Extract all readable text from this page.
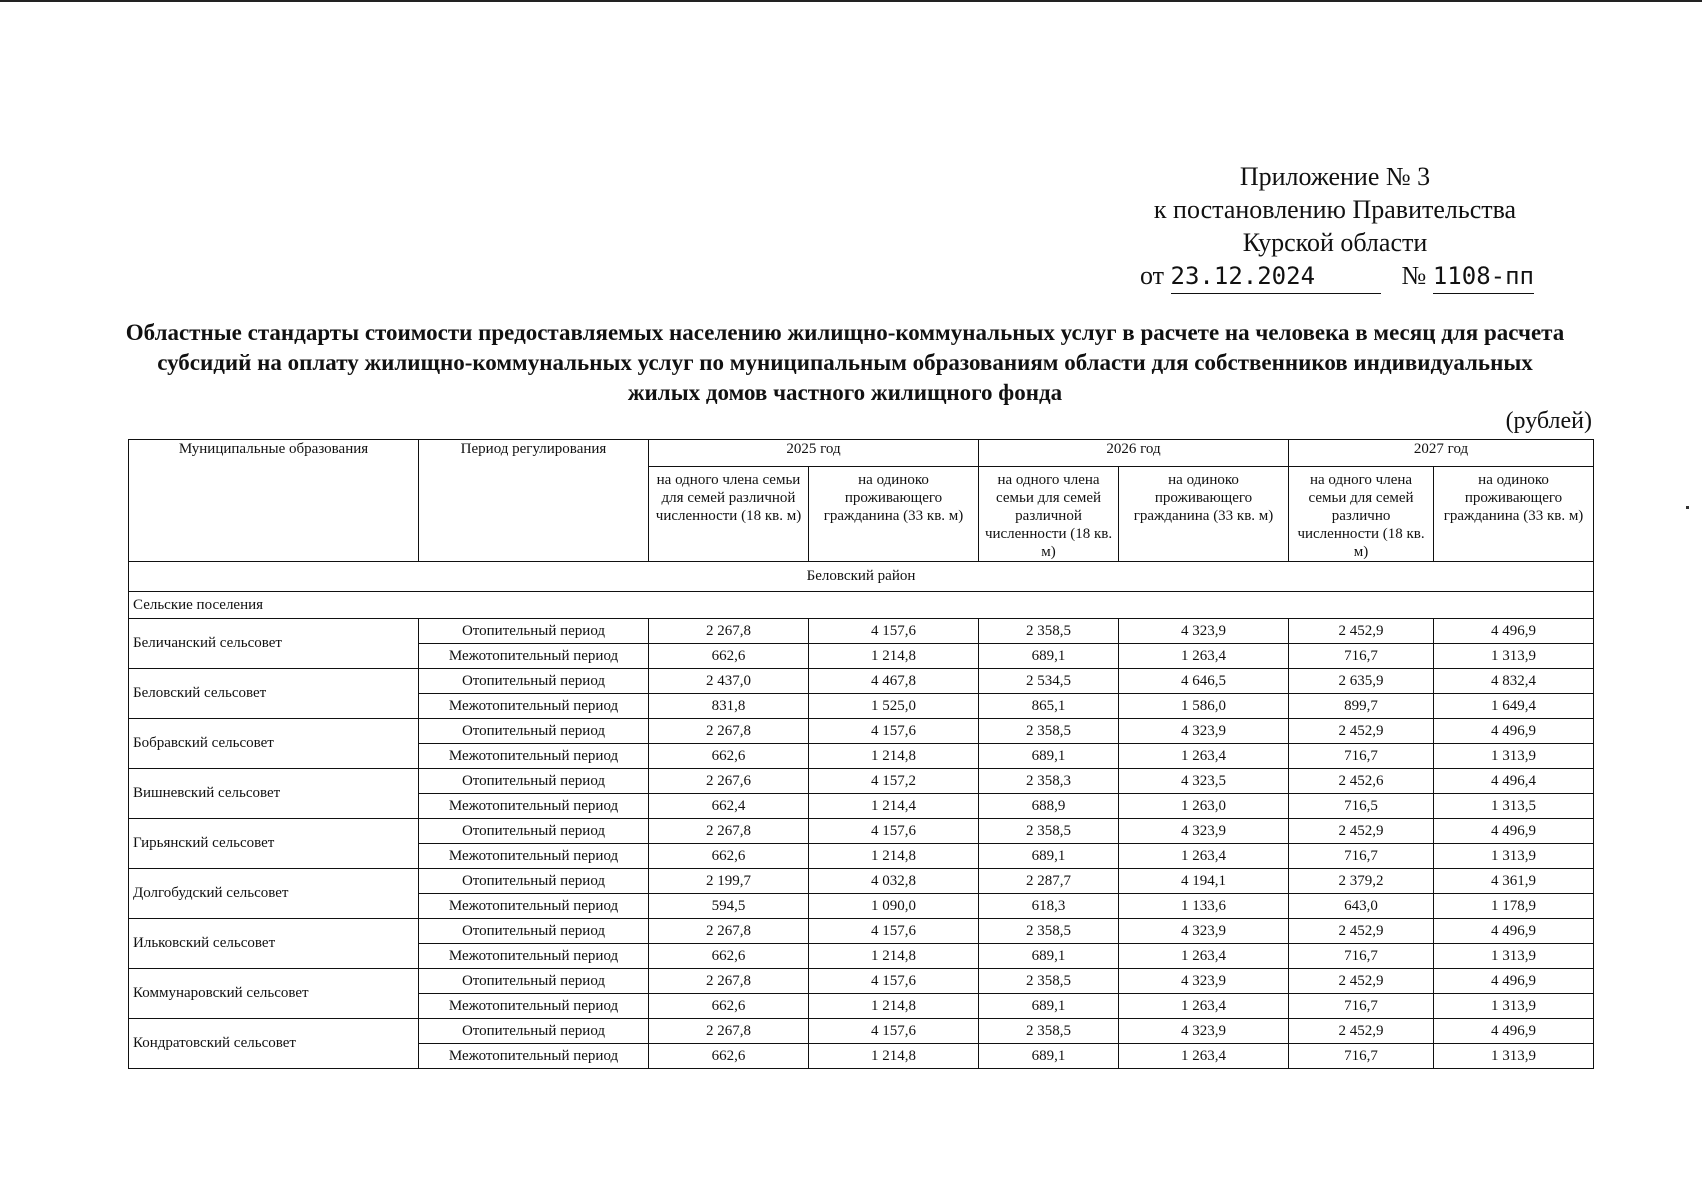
Приложение № 3
к постановлению Правительства
Курской области
от 23.12.2024	№ 1108-пп
Областные стандарты стоимости предоставляемых населению жилищно-коммунальных услуг в расчете на человека в месяц для расчета субсидий на оплату жилищно-коммунальных услуг по муниципальным образованиям области для собственников индивидуальных жилых домов частного жилищного фонда
(рублей)
Муниципальные образования	Период регулирования	2025 год		2026 год		2027 год	
		на одного члена семьи для семей различной численности (18 кв. м)	на одиноко проживающего гражданина (33 кв. м)	на одного члена семьи для семей различной численности (18 кв. м)	на одиноко проживающего гражданина (33 кв. м)	на одного члена семьи для семей различно численности (18 кв. м)	на одиноко проживающего гражданина (33 кв. м)
Беловский район							
Сельские поселения							
Беличанский сельсовет	Отопительный период	2 267,8	4 157,6	2 358,5	4 323,9	2 452,9	4 496,9
	Межотопительный период	662,6	1 214,8	689,1	1 263,4	716,7	1 313,9
Беловский сельсовет	Отопительный период	2 437,0	4 467,8	2 534,5	4 646,5	2 635,9	4 832,4
	Межотопительный период	831,8	1 525,0	865,1	1 586,0	899,7	1 649,4
Бобравский сельсовет	Отопительный период	2 267,8	4 157,6	2 358,5	4 323,9	2 452,9	4 496,9
	Межотопительный период	662,6	1 214,8	689,1	1 263,4	716,7	1 313,9
Вишневский сельсовет	Отопительный период	2 267,6	4 157,2	2 358,3	4 323,5	2 452,6	4 496,4
	Межотопительный период	662,4	1 214,4	688,9	1 263,0	716,5	1 313,5
Гирьянский сельсовет	Отопительный период	2 267,8	4 157,6	2 358,5	4 323,9	2 452,9	4 496,9
	Межотопительный период	662,6	1 214,8	689,1	1 263,4	716,7	1 313,9
Долгобудский сельсовет	Отопительный период	2 199,7	4 032,8	2 287,7	4 194,1	2 379,2	4 361,9
	Межотопительный период	594,5	1 090,0	618,3	1 133,6	643,0	1 178,9
Ильковский сельсовет	Отопительный период	2 267,8	4 157,6	2 358,5	4 323,9	2 452,9	4 496,9
	Межотопительный период	662,6	1 214,8	689,1	1 263,4	716,7	1 313,9
Коммунаровский сельсовет	Отопительный период	2 267,8	4 157,6	2 358,5	4 323,9	2 452,9	4 496,9
	Межотопительный период	662,6	1 214,8	689,1	1 263,4	716,7	1 313,9
Кондратовский сельсовет	Отопительный период	2 267,8	4 157,6	2 358,5	4 323,9	2 452,9	4 496,9
	Межотопительный период	662,6	1 214,8	689,1	1 263,4	716,7	1 313,9
